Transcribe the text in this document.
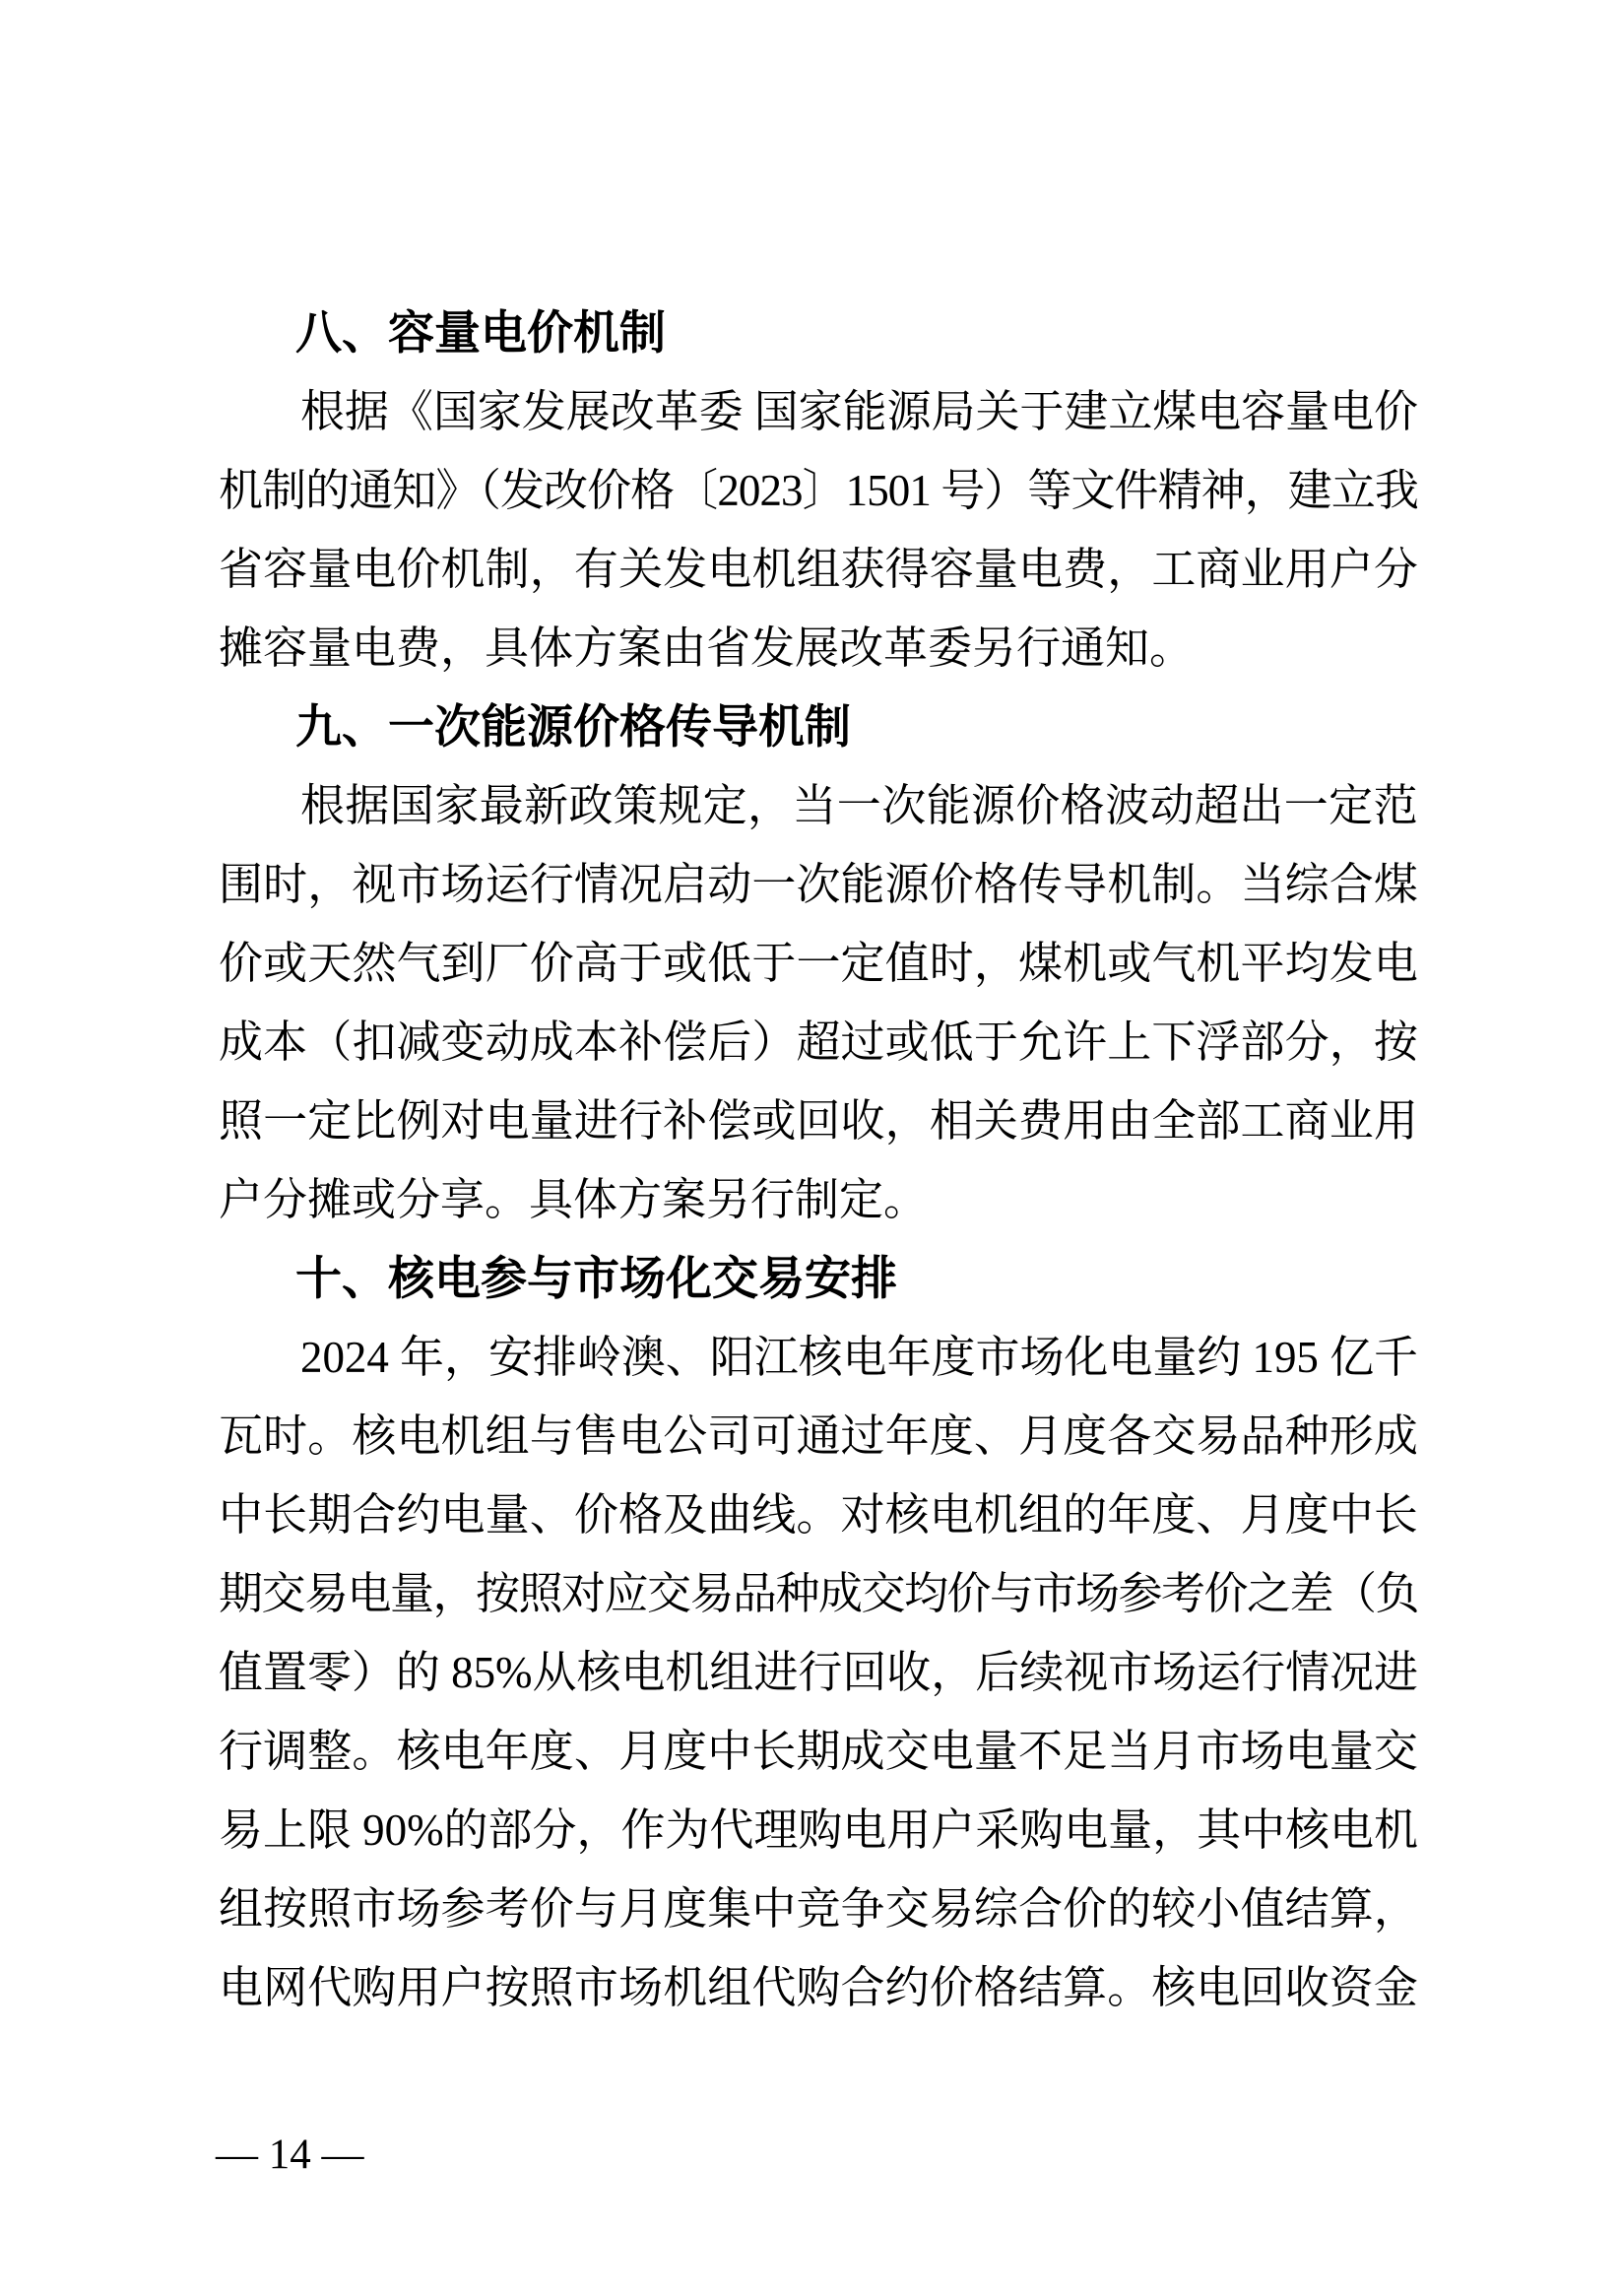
八、容量电价机制
根据《国家发展改革委 国家能源局关于建立煤电容量电价
机制的通知》（发改价格〔2023〕1501 号）等文件精神，建立我
省容量电价机制，有关发电机组获得容量电费，工商业用户分
摊容量电费，具体方案由省发展改革委另行通知。
九、一次能源价格传导机制
根据国家最新政策规定，当一次能源价格波动超出一定范
围时，视市场运行情况启动一次能源价格传导机制。当综合煤
价或天然气到厂价高于或低于一定值时，煤机或气机平均发电
成本（扣减变动成本补偿后）超过或低于允许上下浮部分，按
照一定比例对电量进行补偿或回收，相关费用由全部工商业用
户分摊或分享。具体方案另行制定。
十、核电参与市场化交易安排
2024 年，安排岭澳、阳江核电年度市场化电量约 195 亿千
瓦时。核电机组与售电公司可通过年度、月度各交易品种形成
中长期合约电量、价格及曲线。对核电机组的年度、月度中长
期交易电量，按照对应交易品种成交均价与市场参考价之差（负
值置零）的 85%从核电机组进行回收，后续视市场运行情况进
行调整。核电年度、月度中长期成交电量不足当月市场电量交
易上限 90%的部分，作为代理购电用户采购电量，其中核电机
组按照市场参考价与月度集中竞争交易综合价的较小值结算，
电网代购用户按照市场机组代购合约价格结算。核电回收资金
— 14 —
